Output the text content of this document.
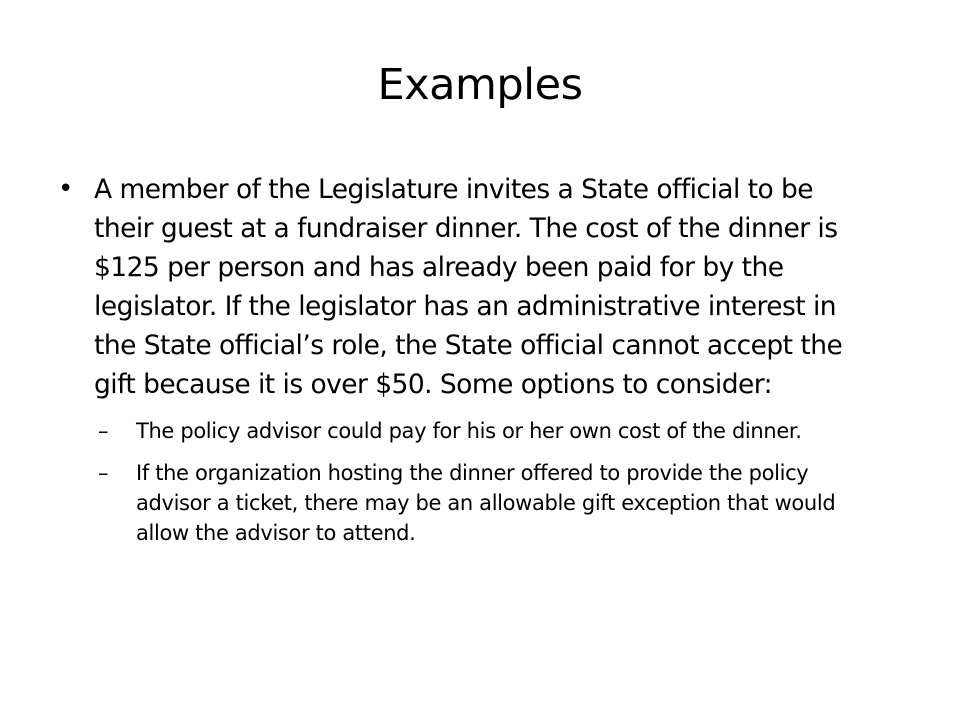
Examples
• A member of the Legislature invites a State official to be their guest at a fundraiser dinner. The cost of the dinner is $125 per person and has already been paid for by the legislator. If the legislator has an administrative interest in the State official’s role, the State official cannot accept the gift because it is over $50. Some options to consider:
– The policy advisor could pay for his or her own cost of the dinner.
– If the organization hosting the dinner offered to provide the policy advisor a ticket, there may be an allowable gift exception that would allow the advisor to attend.
